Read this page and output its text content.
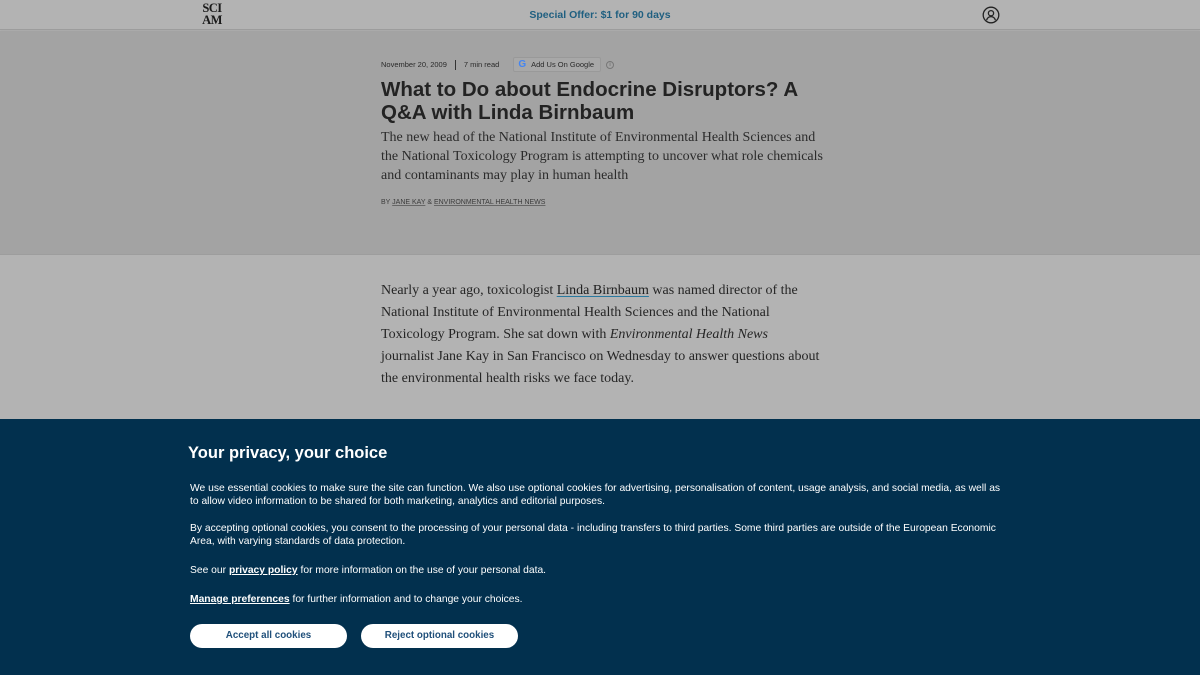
SCI
AM	Special Offer: $1 for 90 days
November 20, 2009 7 min read G Add Us On Google	i
What to Do about Endocrine Disruptors? A Q&A with Linda Birnbaum

The new head of the National Institute of Environmental Health Sciences and the National Toxicology Program is attempting to uncover what role chemicals and contaminants may play in human health

BY JANE KAY & ENVIRONMENTAL HEALTH NEWS

Nearly a year ago, toxicologist Linda Birnbaum was named director of the National Institute of Environmental Health Sciences and the National Toxicology Program. She sat down with Environmental Health News journalist Jane Kay in San Francisco on Wednesday to answer questions about the environmental health risks we face today.

Your privacy, your choice

We use essential cookies to make sure the site can function. We also use optional cookies for advertising, personalisation of content, usage analysis, and social media, as well as to allow video information to be shared for both marketing, analytics and editorial purposes.

By accepting optional cookies, you consent to the processing of your personal data - including transfers to third parties. Some third parties are outside of the European Economic Area, with varying standards of data protection.

See our privacy policy for more information on the use of your personal data.

Manage preferences for further information and to change your choices.

Accept all cookies	Reject optional cookies
